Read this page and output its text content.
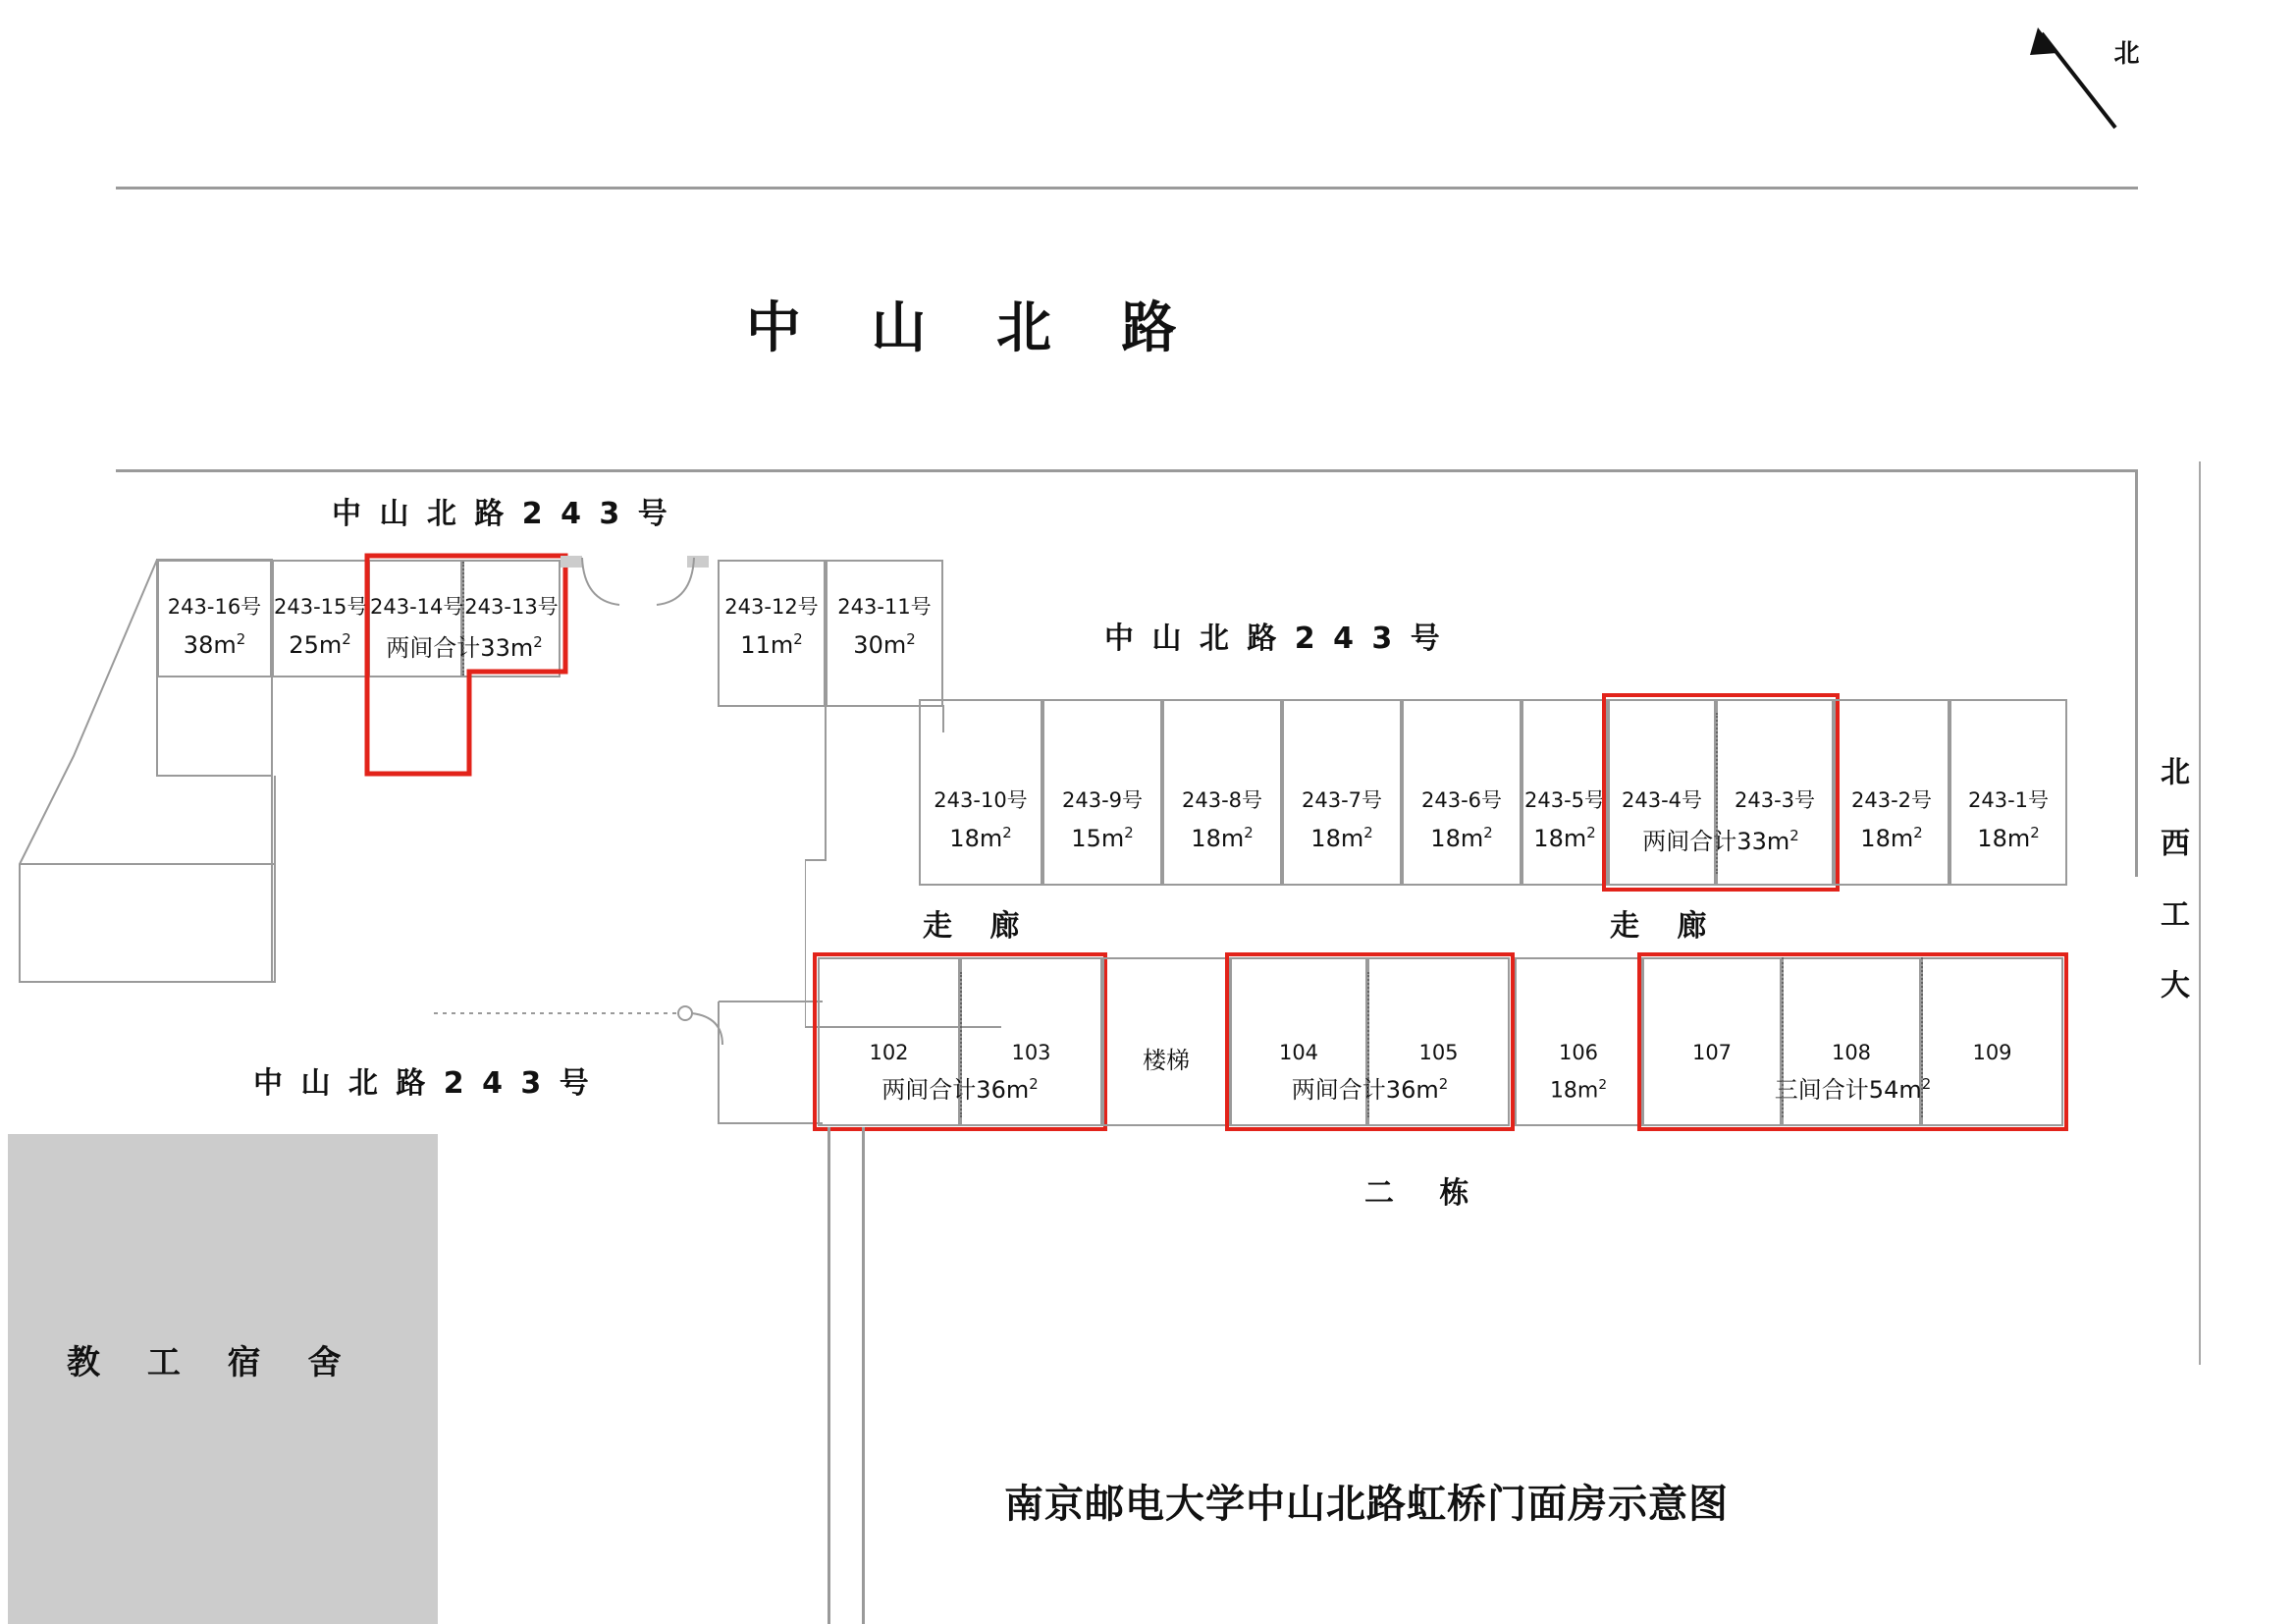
北
中 山 北 路
北 西 工 大
中 山 北 路 2 4 3 号
243-16号
$38m^2$
243-15号
$25m^2$
243-14号 243-13号
两间合计$33m^2$
243-12号
$11m^2$
243-11号
$30m^2$	中 山 北 路 2 4 3 号
243-10号
$18m^2$
243-9号
$15m^2$
243-8号
$18m^2$
243-7号
$18m^2$
243-6号
$18m^2$
243-5号
$18m^2$
243-4号	243-3号
两间合计$33m^2$
243-2号
$18m^2$
243-1号
$18m^2$
走 廊	走 廊
102	103
两间合计$36m^2$
楼梯	104	105
两间合计$36m^2$
106
$18m^2$
107	108	109
三间合计$54m^2$
中 山 北 路 2 4 3 号
二 栋
教 工 宿 舍
南京邮电大学中山北路虹桥门面房示意图
